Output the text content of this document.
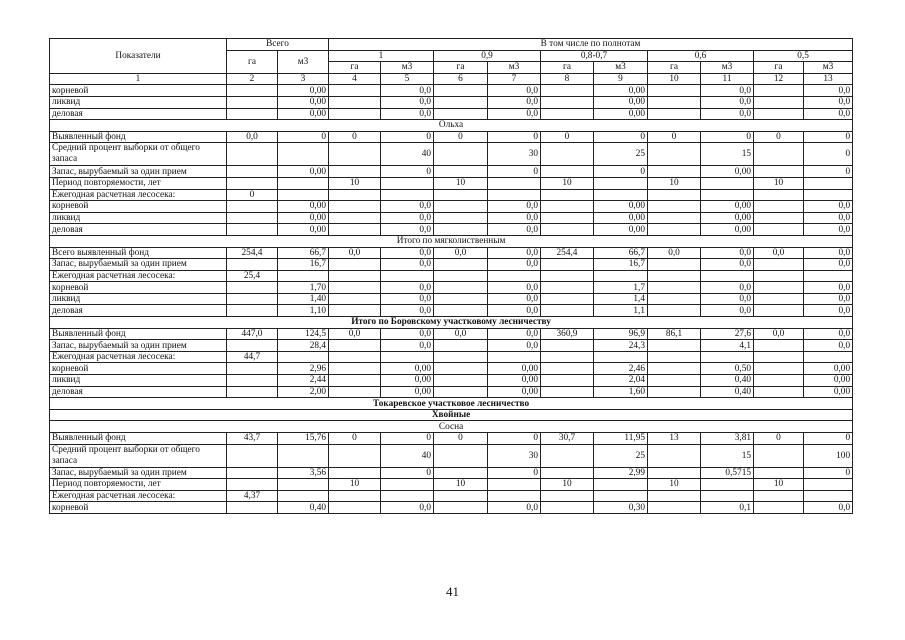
Показатели	Всего		В том числе по полнотам									
	га	м3	1		0,9		0,8-0,7		0,6		0,5	
			га	м3	га	м3	га	м3	га	м3	га	м3
1	2	3	4	5	6	7	8	9	10	11	12	13
корневой		0,00		0,0		0,0		0,00		0,0		0,0
ликвид		0,00		0,0		0,0		0,00		0,0		0,0
деловая		0,00		0,0		0,0		0,00		0,0		0,0
Ольха												
Выявленный фонд	0,0	0	0	0	0	0	0	0	0	0	0	0
Средний процент выборки от общего запаса				40		30		25		15		0
Запас, вырубаемый за один прием		0,00		0		0		0		0,00		0
Период повторяемости, лет			10		10		10		10		10	
Ежегодная расчетная лесосека:	0											
корневой		0,00		0,0		0,0		0,00		0,00		0,0
ликвид		0,00		0,0		0,0		0,00		0,00		0,0
деловая		0,00		0,0		0,0		0,00		0,00		0,0
Итого по мягколиственным												
Всего выявленный фонд	254,4	66,7	0,0	0,0	0,0	0,0	254,4	66,7	0,0	0,0	0,0	0,0
Запас, вырубаемый за один прием		16,7		0,0		0,0		16,7		0,0		0,0
Ежегодная расчетная лесосека:	25,4											
корневой		1,70		0,0		0,0		1,7		0,0		0,0
ликвид		1,40		0,0		0,0		1,4		0,0		0,0
деловая		1,10		0,0		0,0		1,1		0,0		0,0
Итого по Боровскому участковому лесничеству												
Выявленный фонд	447,0	124,5	0,0	0,0	0,0	0,0	360,9	96,9	86,1	27,6	0,0	0,0
Запас, вырубаемый за один прием		28,4		0,0		0,0		24,3		4,1		0,0
Ежегодная расчетная лесосека:	44,7											
корневой		2,96		0,00		0,00		2,46		0,50		0,00
ликвид		2,44		0,00		0,00		2,04		0,40		0,00
деловая		2,00		0,00		0,00		1,60		0,40		0,00
Токаревское участковое лесничество												
Хвойные												
Сосна												
Выявленный фонд	43,7	15,76	0	0	0	0	30,7	11,95	13	3,81	0	0
Средний процент выборки от общего запаса				40		30		25		15		100
Запас, вырубаемый за один прием		3,56		0		0		2,99		0,5715		0
Период повторяемости, лет			10		10		10		10		10	
Ежегодная расчетная лесосека:	4,37											
корневой		0,40		0,0		0,0		0,30		0,1		0,0
41
